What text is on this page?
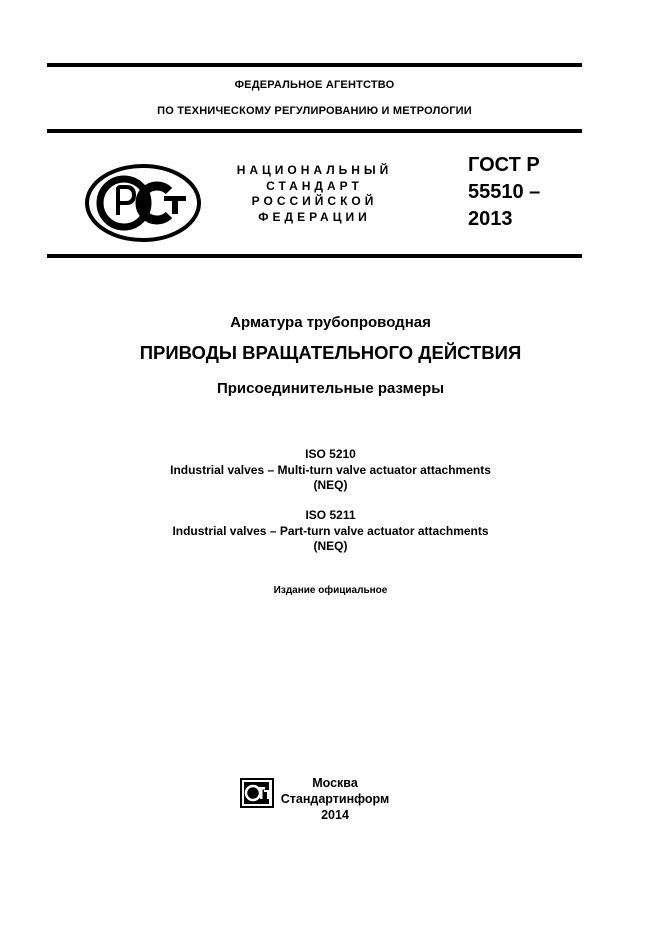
ФЕДЕРАЛЬНОЕ АГЕНТСТВО
ПО ТЕХНИЧЕСКОМУ РЕГУЛИРОВАНИЮ И МЕТРОЛОГИИ
НАЦИОНАЛЬНЫЙ
СТАНДАРТ
РОССИЙСКОЙ
ФЕДЕРАЦИИ
ГОСТ Р
55510 –
2013
Арматура трубопроводная
ПРИВОДЫ ВРАЩАТЕЛЬНОГО ДЕЙСТВИЯ
Присоединительные размеры
ISO 5210
Industrial valves – Multi-turn valve actuator attachments
(NEQ)
ISO 5211
Industrial valves – Part-turn valve actuator attachments
(NEQ)
Издание официальное
Москва
Стандартинформ
2014
